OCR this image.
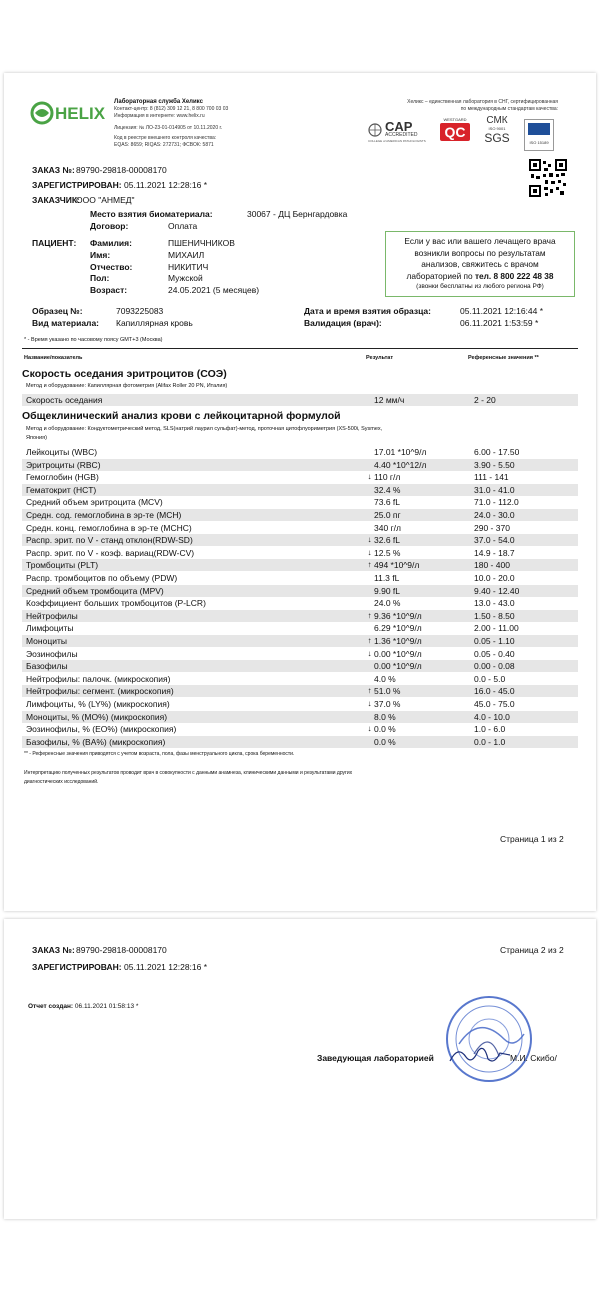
HELIX
Лабораторная служба Хеликс
Контакт-центр: 8 (812) 309 12 21, 8 800 700 03 03
Информация в интернете: www.helix.ru
Лицензия: № ЛО-23-01-014905 от 10.11.2020 г.
Код в реестре внешнего контроля качества:
EQAS: 8659; RIQAS: 272731; ФСВОК: 5871
Хеликс – единственная лаборатория в СНГ, сертифицированная
по международным стандартам качества:
CAP
ACCREDITED
COLLEGE of AMERICAN PATHOLOGISTS
WESTGARD
QC
СМК
ISO 9001
SGS	ISO 15189
ЗАКАЗ №: 89790-29818-00008170
ЗАРЕГИСТРИРОВАН: 05.11.2021 12:28:16 *
ЗАКАЗЧИК:
ООО "АНМЕД"
Место взятия биоматериала:	30067 - ДЦ Бернгардовка
Договор:	Оплата
ПАЦИЕНТ: Фамилия:	ПШЕНИЧНИКОВ
Имя:	МИХАИЛ
Отчество:	НИКИТИЧ
Пол:	Мужской
Возраст:	24.05.2021 (5 месяцев)
Если у вас или вашего лечащего врача
возникли вопросы по результатам
анализов, свяжитесь с врачом
лабораторией по тел. 8 800 222 48 38
(звонки бесплатны из любого региона РФ)
Образец №:	7093225083
Вид материала: Капиллярная кровь
Дата и время взятия образца:	05.11.2021 12:16:44 *
Валидация (врач):	06.11.2021 1:53:59 *
* - Время указано по часовому поясу GMT+3 (Москва)
Название/показатель	Результат	Референсные значения **
Скорость оседания эритроцитов (СОЭ)
Метод и оборудование: Капиллярная фотометрия (Alifax Roller 20 PN, Италия)
Скорость оседания	12 мм/ч	2 - 20
Общеклинический анализ крови с лейкоцитарной формулой
Метод и оборудование: Кондуктометрический метод, SLS(натрий лаурил сульфат)-метод, проточная цитофлуориметрия (XS-500i, Sysmex,
Япония)
** - Референсные значения приводятся с учетом возраста, пола, фазы менструального цикла, срока беременности.
Интерпретацию полученных результатов проводит врач в совокупности с данными анамнеза, клиническими данными и результатами других
диагностических исследований.
Страница 1 из 2
Лейкоциты (WBC)	17.01 *10^9/л	6.00 - 17.50
Эритроциты (RBC)	4.40 *10^12/л	3.90 - 5.50
Гемоглобин (HGB)	↓ 110 г/л	111 - 141
Гематокрит (HCT)	32.4 %	31.0 - 41.0
Средний объем эритроцита (MCV)	73.6 fL	71.0 - 112.0
Средн. сод. гемоглобина в эр-те (MCH)	25.0 пг	24.0 - 30.0
Средн. конц. гемоглобина в эр-те (MCHC)	340 г/л	290 - 370
Распр. эрит. по V - станд отклон(RDW-SD)	↓ 32.6 fL	37.0 - 54.0
Распр. эрит. по V - коэф. вариац(RDW-CV)	↓ 12.5 %	14.9 - 18.7
Тромбоциты (PLT)	↑ 494 *10^9/л	180 - 400
Распр. тромбоцитов по объему (PDW)	11.3 fL	10.0 - 20.0
Средний объем тромбоцита (MPV)	9.90 fL	9.40 - 12.40
Коэффициент больших тромбоцитов (P-LCR)	24.0 %	13.0 - 43.0
Нейтрофилы	↑ 9.36 *10^9/л	1.50 - 8.50
Лимфоциты	6.29 *10^9/л	2.00 - 11.00
Моноциты	↑ 1.36 *10^9/л	0.05 - 1.10
Эозинофилы	↓ 0.00 *10^9/л	0.05 - 0.40
Базофилы	0.00 *10^9/л	0.00 - 0.08
Нейтрофилы: палочк. (микроскопия)	4.0 %	0.0 - 5.0
Нейтрофилы: сегмент. (микроскопия)	↑ 51.0 %	16.0 - 45.0
Лимфоциты, % (LY%) (микроскопия)	↓ 37.0 %	45.0 - 75.0
Моноциты, % (MO%) (микроскопия)	8.0 %	4.0 - 10.0
Эозинофилы, % (EO%) (микроскопия)	↓ 0.0 %	1.0 - 6.0
Базофилы, % (BA%) (микроскопия)	0.0 %	0.0 - 1.0
ЗАКАЗ №: 89790-29818-00008170	Страница 2 из 2
ЗАРЕГИСТРИРОВАН: 05.11.2021 12:28:16 *
Отчет создан: 06.11.2021 01:58:13 *
Заведующая лабораторией	М.И. Скибо/
